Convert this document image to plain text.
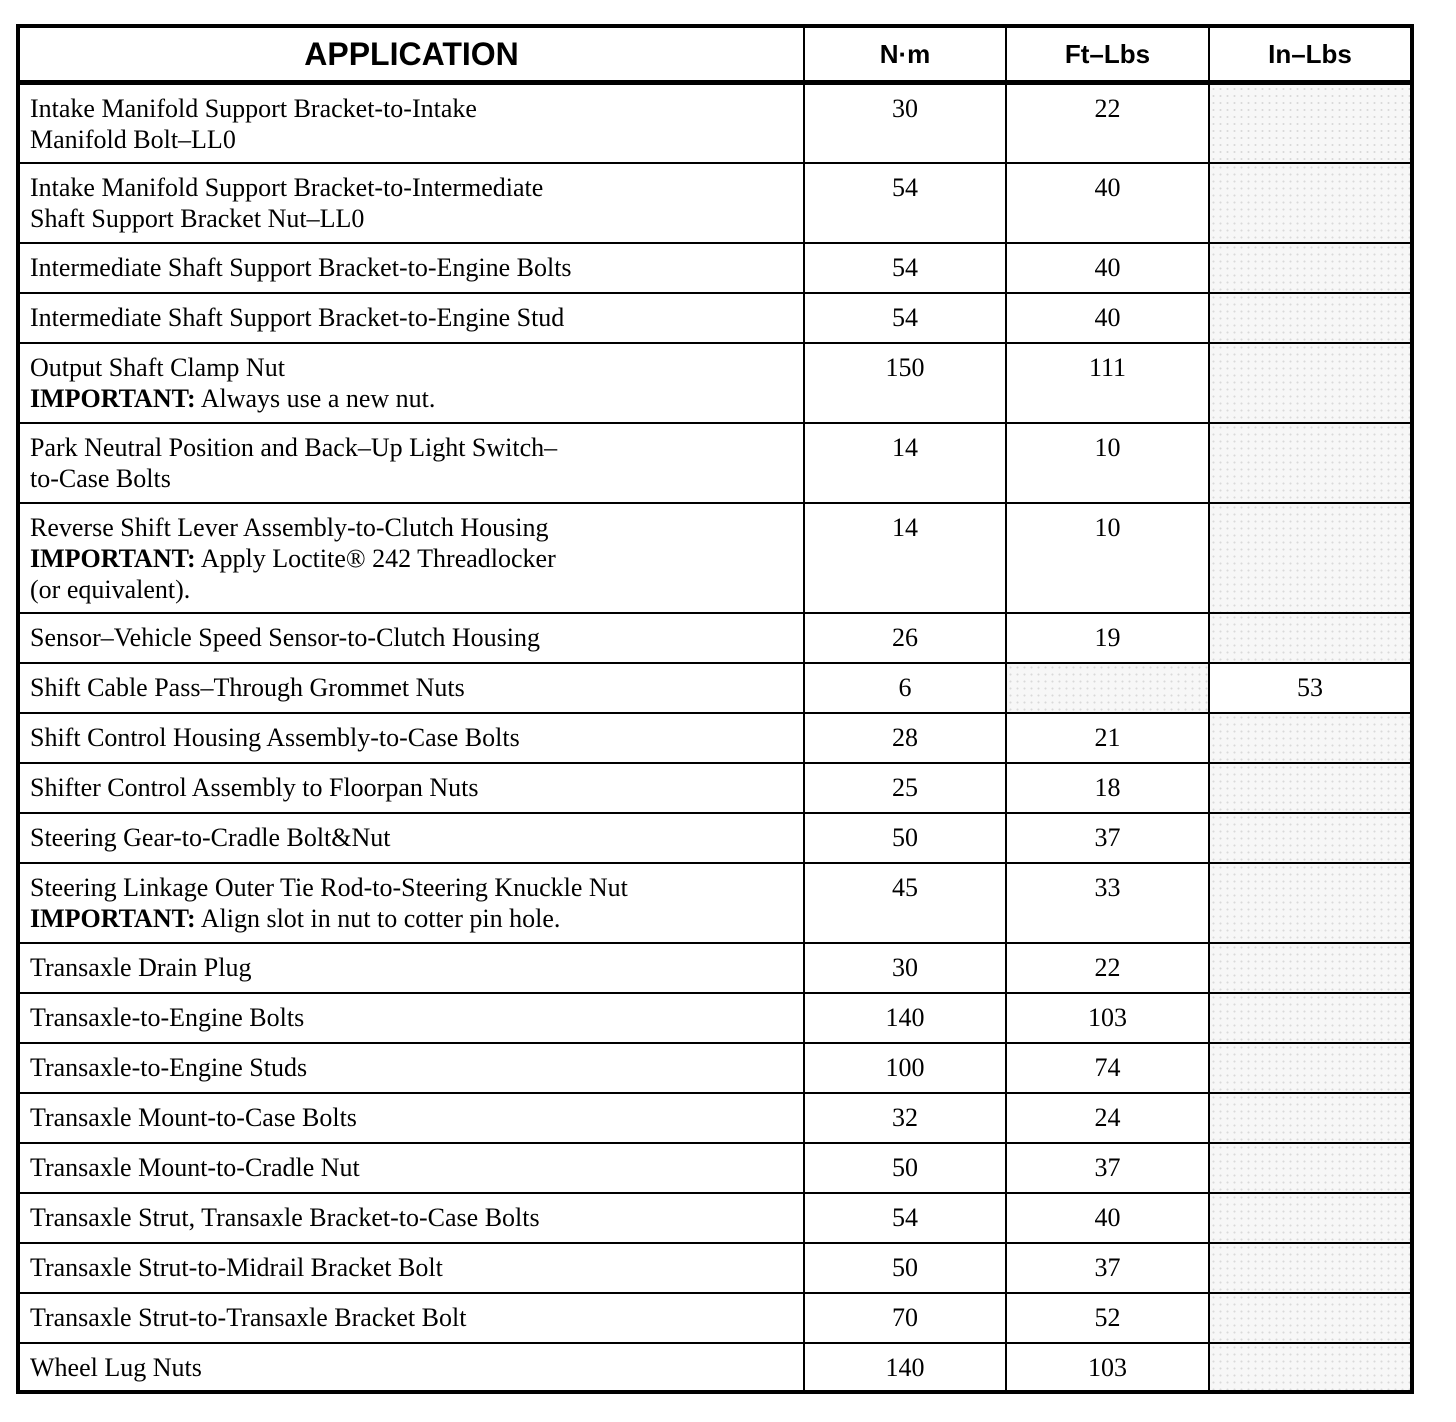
APPLICATION	N·m	Ft–Lbs	In–Lbs

Intake Manifold Support Bracket-to-Intake
Manifold Bolt–LL0	30	22	

Intake Manifold Support Bracket-to-Intermediate
Shaft Support Bracket Nut–LL0	54	40	

Intermediate Shaft Support Bracket-to-Engine Bolts	54	40	

Intermediate Shaft Support Bracket-to-Engine Stud	54	40	

Output Shaft Clamp Nut
IMPORTANT: Always use a new nut.	150	111	

Park Neutral Position and Back–Up Light Switch–
to-Case Bolts	14	10	

Reverse Shift Lever Assembly-to-Clutch Housing
IMPORTANT: Apply Loctite® 242 Threadlocker
(or equivalent).	14	10	

Sensor–Vehicle Speed Sensor-to-Clutch Housing	26	19	

Shift Cable Pass–Through Grommet Nuts	6		53

Shift Control Housing Assembly-to-Case Bolts	28	21	

Shifter Control Assembly to Floorpan Nuts	25	18	

Steering Gear-to-Cradle Bolt&Nut	50	37	

Steering Linkage Outer Tie Rod-to-Steering Knuckle Nut
IMPORTANT: Align slot in nut to cotter pin hole.	45	33	

Transaxle Drain Plug	30	22	

Transaxle-to-Engine Bolts	140	103	

Transaxle-to-Engine Studs	100	74	

Transaxle Mount-to-Case Bolts	32	24	

Transaxle Mount-to-Cradle Nut	50	37	

Transaxle Strut, Transaxle Bracket-to-Case Bolts	54	40	

Transaxle Strut-to-Midrail Bracket Bolt	50	37	

Transaxle Strut-to-Transaxle Bracket Bolt	70	52	

Wheel Lug Nuts	140	103	
